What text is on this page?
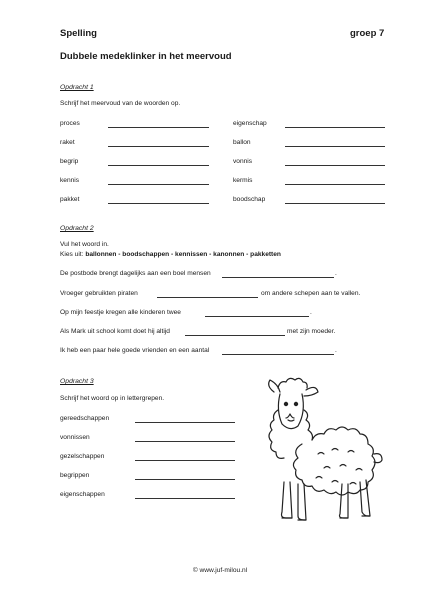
Spelling	groep 7
Dubbele medeklinker in het meervoud
Opdracht 1
Schrijf het meervoud van de woorden op.
proces	eigenschap
raket	ballon
begrip	vonnis
kennis	kermis
pakket	boodschap
Opdracht 2
Vul het woord in.
Kies uit: ballonnen - boodschappen - kennissen - kanonnen - pakketten
De postbode brengt dagelijks aan een boel mensen	.
Vroeger gebruikten piraten	om andere schepen aan te vallen.
Op mijn feestje kregen alle kinderen twee	.
Als Mark uit school komt doet hij altijd	met zijn moeder.
Ik heb een paar hele goede vrienden en een aantal	.
Opdracht 3
Schrijf het woord op in lettergrepen.
gereedschappen
vonnissen
gezelschappen
begrippen
eigenschappen
© www.juf-milou.nl
